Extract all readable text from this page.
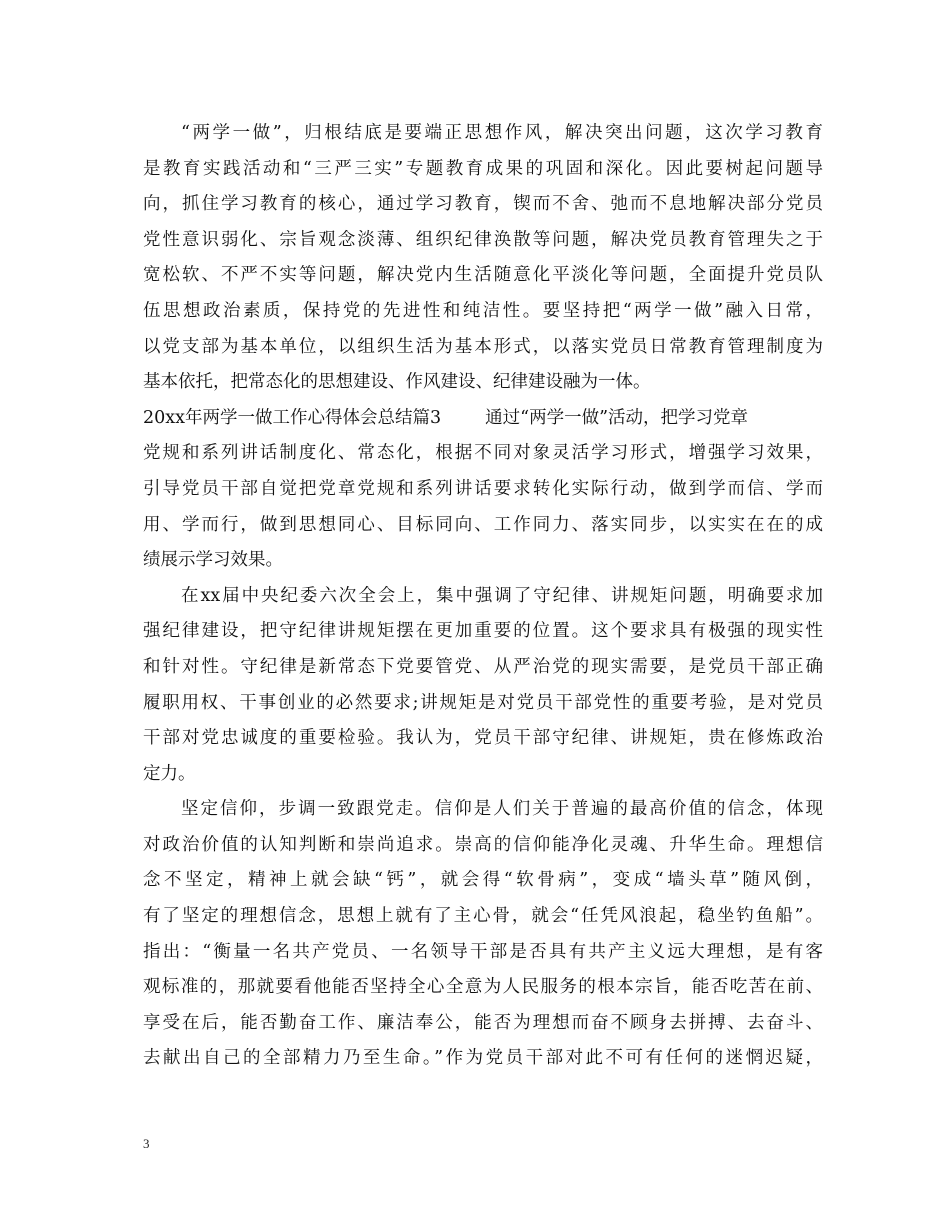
“两学一做”，归根结底是要端正思想作风，解决突出问题，这次学习教育
是教育实践活动和“三严三实”专题教育成果的巩固和深化。因此要树起问题导
向，抓住学习教育的核心，通过学习教育，锲而不舍、弛而不息地解决部分党员
党性意识弱化、宗旨观念淡薄、组织纪律涣散等问题，解决党员教育管理失之于
宽松软、不严不实等问题，解决党内生活随意化平淡化等问题，全面提升党员队
伍思想政治素质，保持党的先进性和纯洁性。要坚持把“两学一做”融入日常，
以党支部为基本单位，以组织生活为基本形式，以落实党员日常教育管理制度为
基本依托，把常态化的思想建设、作风建设、纪律建设融为一体。
20xx年两学一做工作心得体会总结篇3	通过“两学一做”活动，把学习党章
党规和系列讲话制度化、常态化，根据不同对象灵活学习形式，增强学习效果，
引导党员干部自觉把党章党规和系列讲话要求转化实际行动，做到学而信、学而
用、学而行，做到思想同心、目标同向、工作同力、落实同步，以实实在在的成
绩展示学习效果。
在xx届中央纪委六次全会上，集中强调了守纪律、讲规矩问题，明确要求加
强纪律建设，把守纪律讲规矩摆在更加重要的位置。这个要求具有极强的现实性
和针对性。守纪律是新常态下党要管党、从严治党的现实需要，是党员干部正确
履职用权、干事创业的必然要求;讲规矩是对党员干部党性的重要考验，是对党员
干部对党忠诚度的重要检验。我认为，党员干部守纪律、讲规矩，贵在修炼政治
定力。
坚定信仰，步调一致跟党走。信仰是人们关于普遍的最高价值的信念，体现
对政治价值的认知判断和崇尚追求。崇高的信仰能净化灵魂、升华生命。理想信
念不坚定，精神上就会缺“钙”，就会得“软骨病”，变成“墙头草”随风倒，
有了坚定的理想信念，思想上就有了主心骨，就会“任凭风浪起，稳坐钓鱼船”。
指出：“衡量一名共产党员、一名领导干部是否具有共产主义远大理想，是有客
观标准的，那就要看他能否坚持全心全意为人民服务的根本宗旨，能否吃苦在前、
享受在后，能否勤奋工作、廉洁奉公，能否为理想而奋不顾身去拼搏、去奋斗、
去献出自己的全部精力乃至生命。”作为党员干部对此不可有任何的迷惘迟疑，
3
